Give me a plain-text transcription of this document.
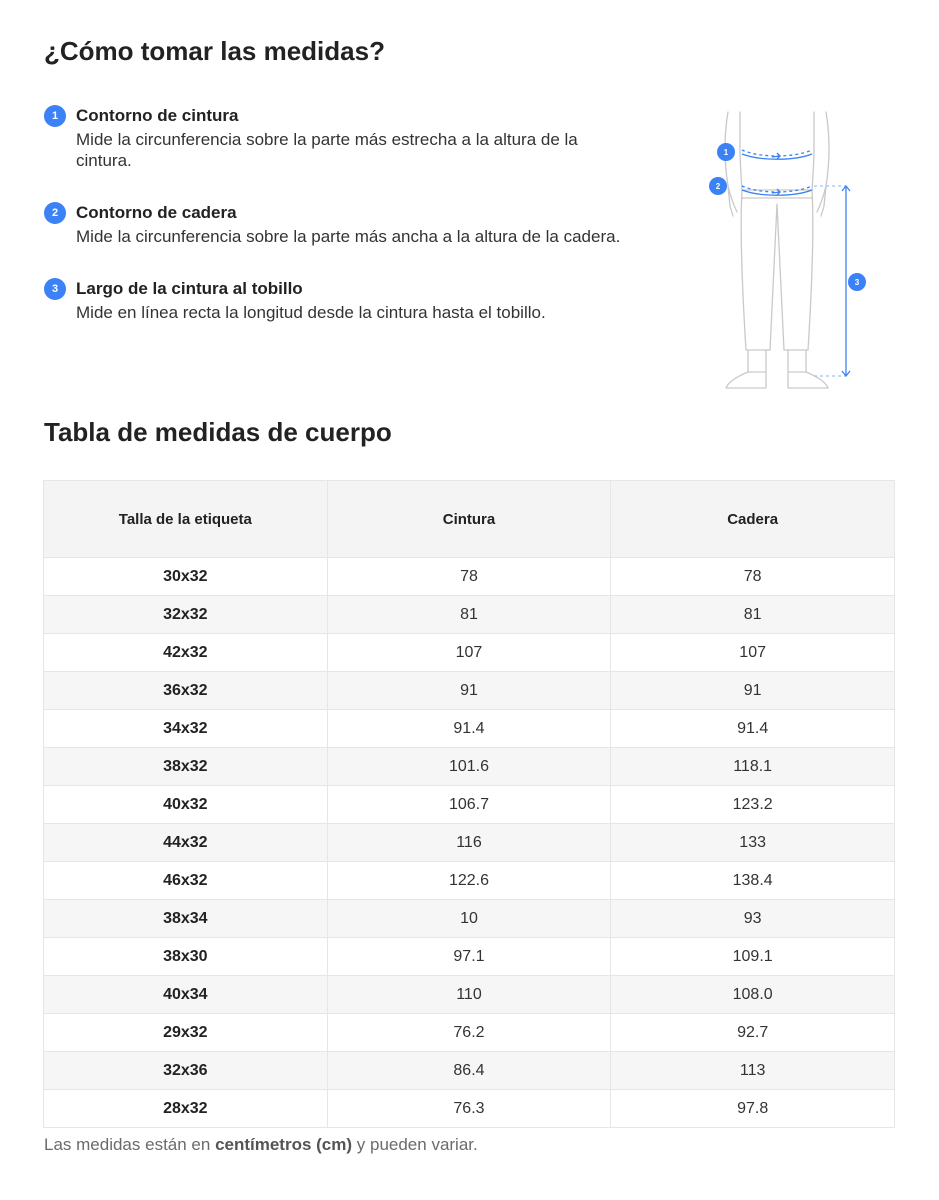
¿Cómo tomar las medidas?
1	Contorno de cintura
Mide la circunferencia sobre la parte más estrecha a la altura de la cintura.
2	Contorno de cadera
Mide la circunferencia sobre la parte más ancha a la altura de la cadera.
3	Largo de la cintura al tobillo
Mide en línea recta la longitud desde la cintura hasta el tobillo.
1
2
3
Tabla de medidas de cuerpo
Talla de la etiqueta	Cintura	Cadera
30x32	78	78
32x32	81	81
42x32	107	107
36x32	91	91
34x32	91.4	91.4
38x32	101.6	118.1
40x32	106.7	123.2
44x32	116	133
46x32	122.6	138.4
38x34	10	93
38x30	97.1	109.1
40x34	110	108.0
29x32	76.2	92.7
32x36	86.4	113
28x32	76.3	97.8

Las medidas están en centímetros (cm) y pueden variar.
